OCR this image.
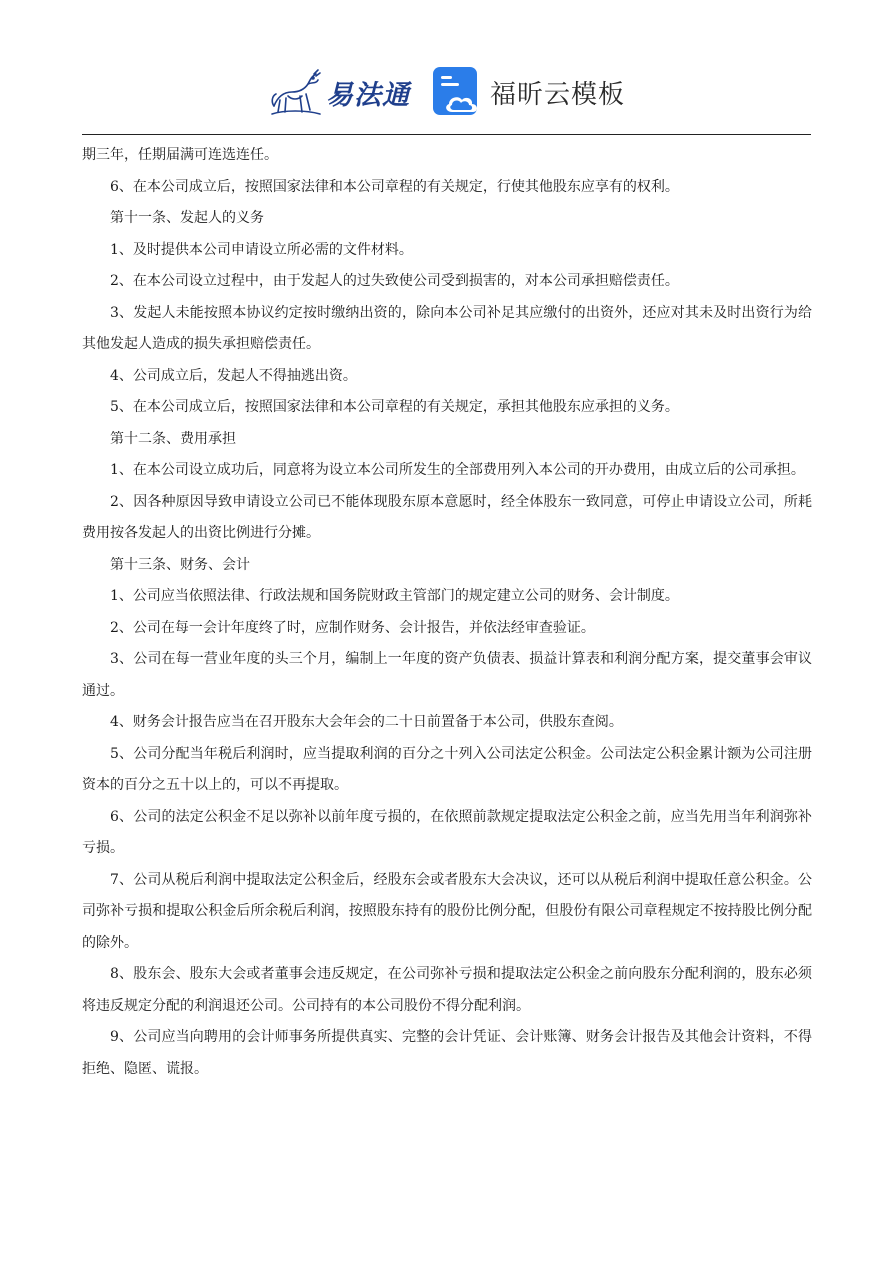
易法通	福昕云模板

期三年，任期届满可连选连任。

6、在本公司成立后，按照国家法律和本公司章程的有关规定，行使其他股东应享有的权利。

第十一条、发起人的义务

1、及时提供本公司申请设立所必需的文件材料。

2、在本公司设立过程中，由于发起人的过失致使公司受到损害的，对本公司承担赔偿责任。

3、发起人未能按照本协议约定按时缴纳出资的，除向本公司补足其应缴付的出资外，还应对其未及时出资行为给其他发起人造成的损失承担赔偿责任。

4、公司成立后，发起人不得抽逃出资。

5、在本公司成立后，按照国家法律和本公司章程的有关规定，承担其他股东应承担的义务。

第十二条、费用承担

1、在本公司设立成功后，同意将为设立本公司所发生的全部费用列入本公司的开办费用，由成立后的公司承担。

2、因各种原因导致申请设立公司已不能体现股东原本意愿时，经全体股东一致同意，可停止申请设立公司，所耗费用按各发起人的出资比例进行分摊。

第十三条、财务、会计

1、公司应当依照法律、行政法规和国务院财政主管部门的规定建立公司的财务、会计制度。

2、公司在每一会计年度终了时，应制作财务、会计报告，并依法经审查验证。

3、公司在每一营业年度的头三个月，编制上一年度的资产负债表、损益计算表和利润分配方案，提交董事会审议通过。

4、财务会计报告应当在召开股东大会年会的二十日前置备于本公司，供股东查阅。

5、公司分配当年税后利润时，应当提取利润的百分之十列入公司法定公积金。公司法定公积金累计额为公司注册资本的百分之五十以上的，可以不再提取。

6、公司的法定公积金不足以弥补以前年度亏损的，在依照前款规定提取法定公积金之前，应当先用当年利润弥补亏损。

7、公司从税后利润中提取法定公积金后，经股东会或者股东大会决议，还可以从税后利润中提取任意公积金。公司弥补亏损和提取公积金后所余税后利润，按照股东持有的股份比例分配，但股份有限公司章程规定不按持股比例分配的除外。

8、股东会、股东大会或者董事会违反规定，在公司弥补亏损和提取法定公积金之前向股东分配利润的，股东必须将违反规定分配的利润退还公司。公司持有的本公司股份不得分配利润。

9、公司应当向聘用的会计师事务所提供真实、完整的会计凭证、会计账簿、财务会计报告及其他会计资料，不得拒绝、隐匿、谎报。
